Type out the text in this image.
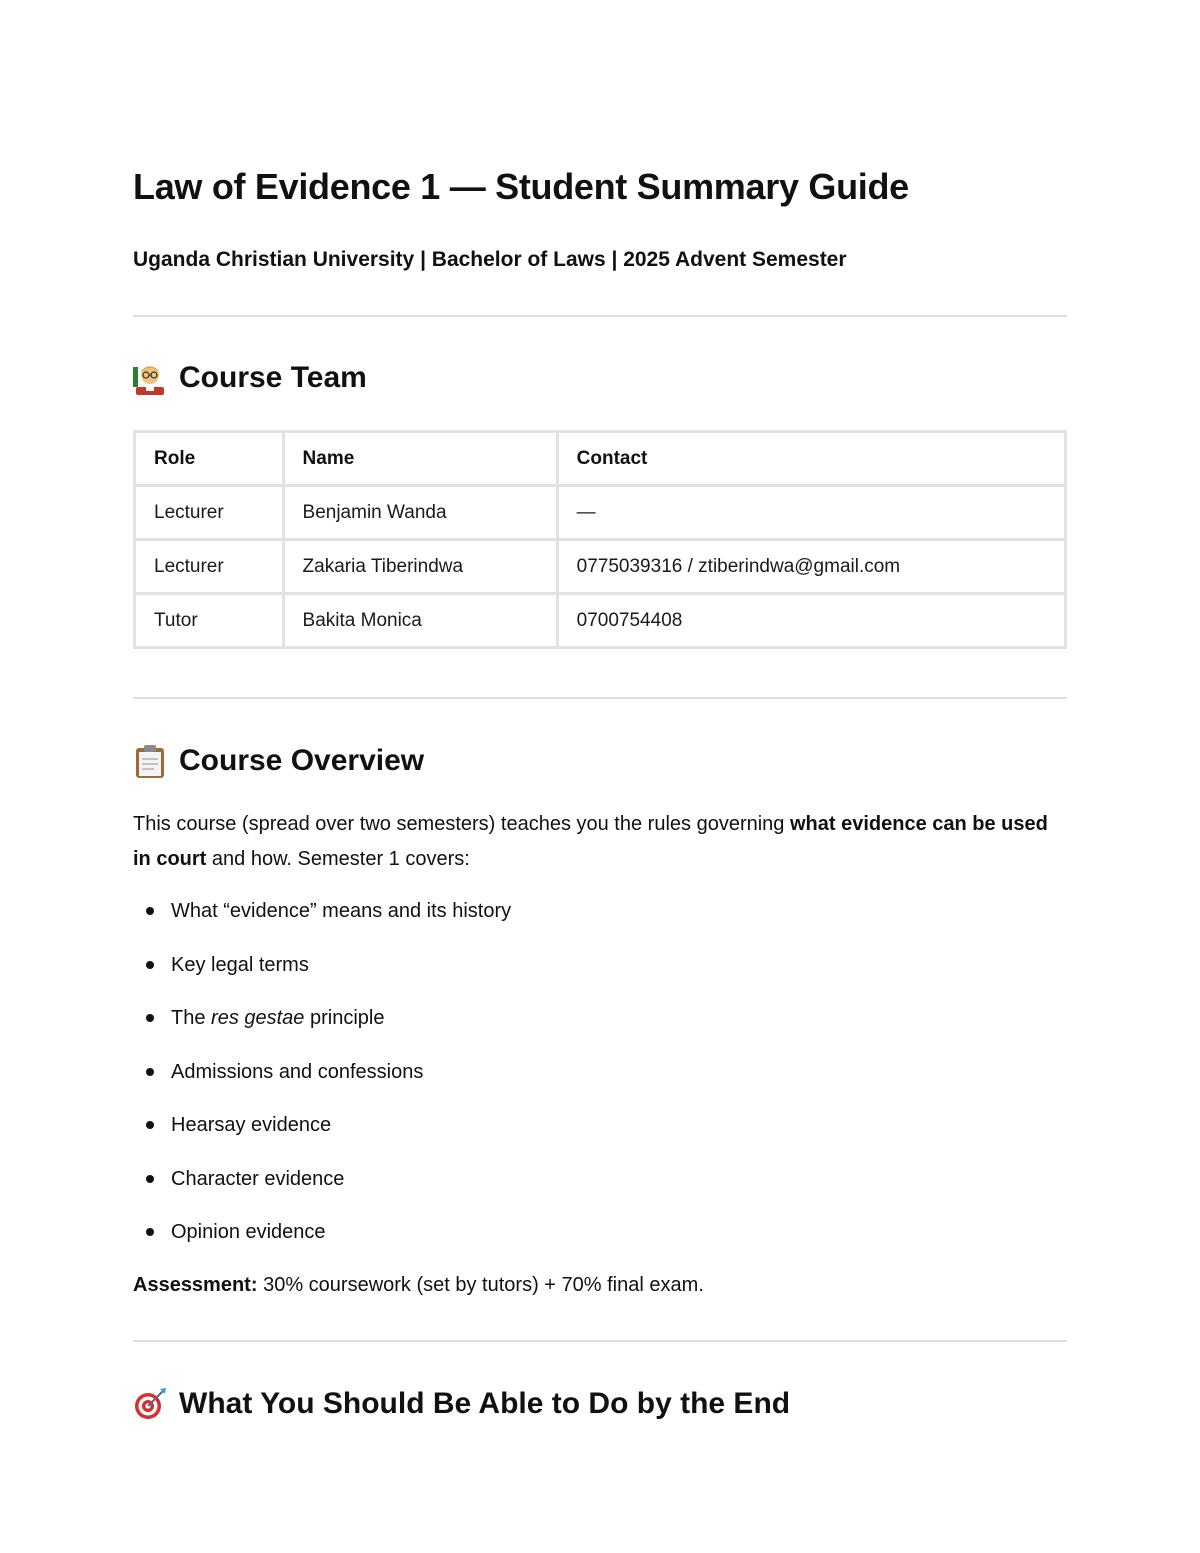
Law of Evidence 1 — Student Summary Guide

Uganda Christian University | Bachelor of Laws | 2025 Advent Semester

Course Team
Role	Name	Contact
Lecturer	Benjamin Wanda	—
Lecturer	Zakaria Tiberindwa	0775039316 / ztiberindwa@gmail.com
Tutor	Bakita Monica	0700754408
Course Overview

This course (spread over two semesters) teaches you the rules governing what evidence can be used in court and how. Semester 1 covers:

What “evidence” means and its history
Key legal terms
The res gestae principle
Admissions and confessions
Hearsay evidence
Character evidence
Opinion evidence

Assessment: 30% coursework (set by tutors) + 70% final exam.

What You Should Be Able to Do by the End
